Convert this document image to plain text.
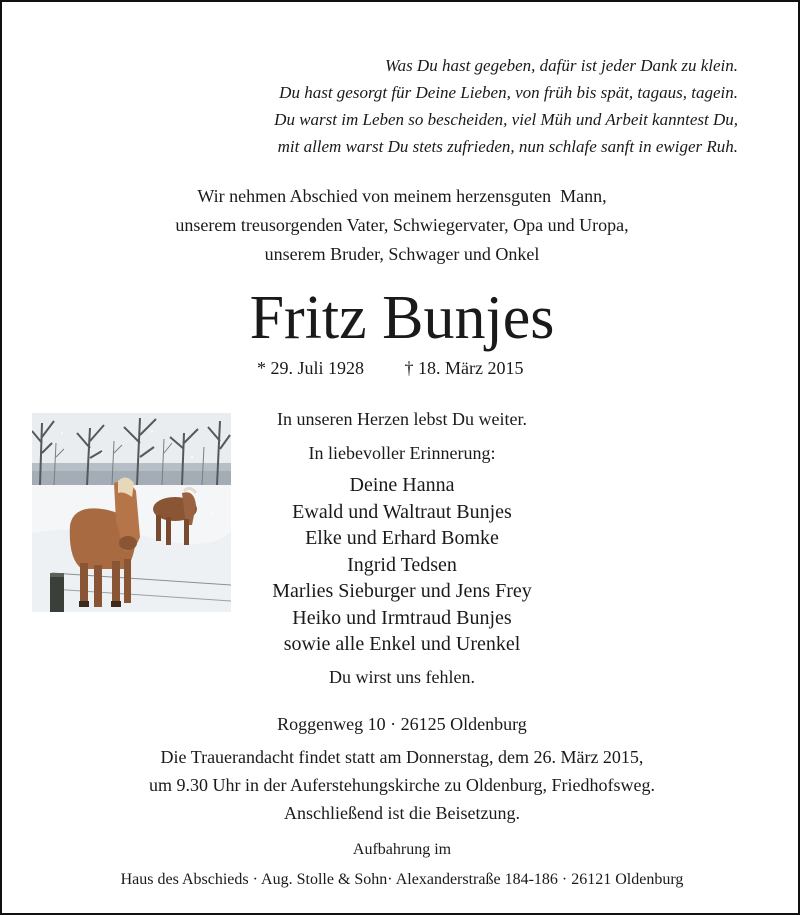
Was Du hast gegeben, dafür ist jeder Dank zu klein.
Du hast gesorgt für Deine Lieben, von früh bis spät, tagaus, tagein.
Du warst im Leben so bescheiden, viel Müh und Arbeit kanntest Du,
mit allem warst Du stets zufrieden, nun schlafe sanft in ewiger Ruh.
Wir nehmen Abschied von meinem herzensguten  Mann,
unserem treusorgenden Vater, Schwiegervater, Opa und Uropa,
unserem Bruder, Schwager und Onkel
Fritz Bunjes
* 29. Juli 1928 † 18. März 2015
In unseren Herzen lebst Du weiter.
In liebevoller Erinnerung:
Deine Hanna
Ewald und Waltraut Bunjes
Elke und Erhard Bomke
Ingrid Tedsen
Marlies Sieburger und Jens Frey
Heiko und Irmtraud Bunjes
sowie alle Enkel und Urenkel
Du wirst uns fehlen.
Roggenweg 10 · 26125 Oldenburg
Die Trauerandacht findet statt am Donnerstag, dem 26. März 2015,
um 9.30 Uhr in der Auferstehungskirche zu Oldenburg, Friedhofsweg.
Anschließend ist die Beisetzung.
Aufbahrung im
Haus des Abschieds · Aug. Stolle & Sohn· Alexanderstraße 184-186 · 26121 Oldenburg
